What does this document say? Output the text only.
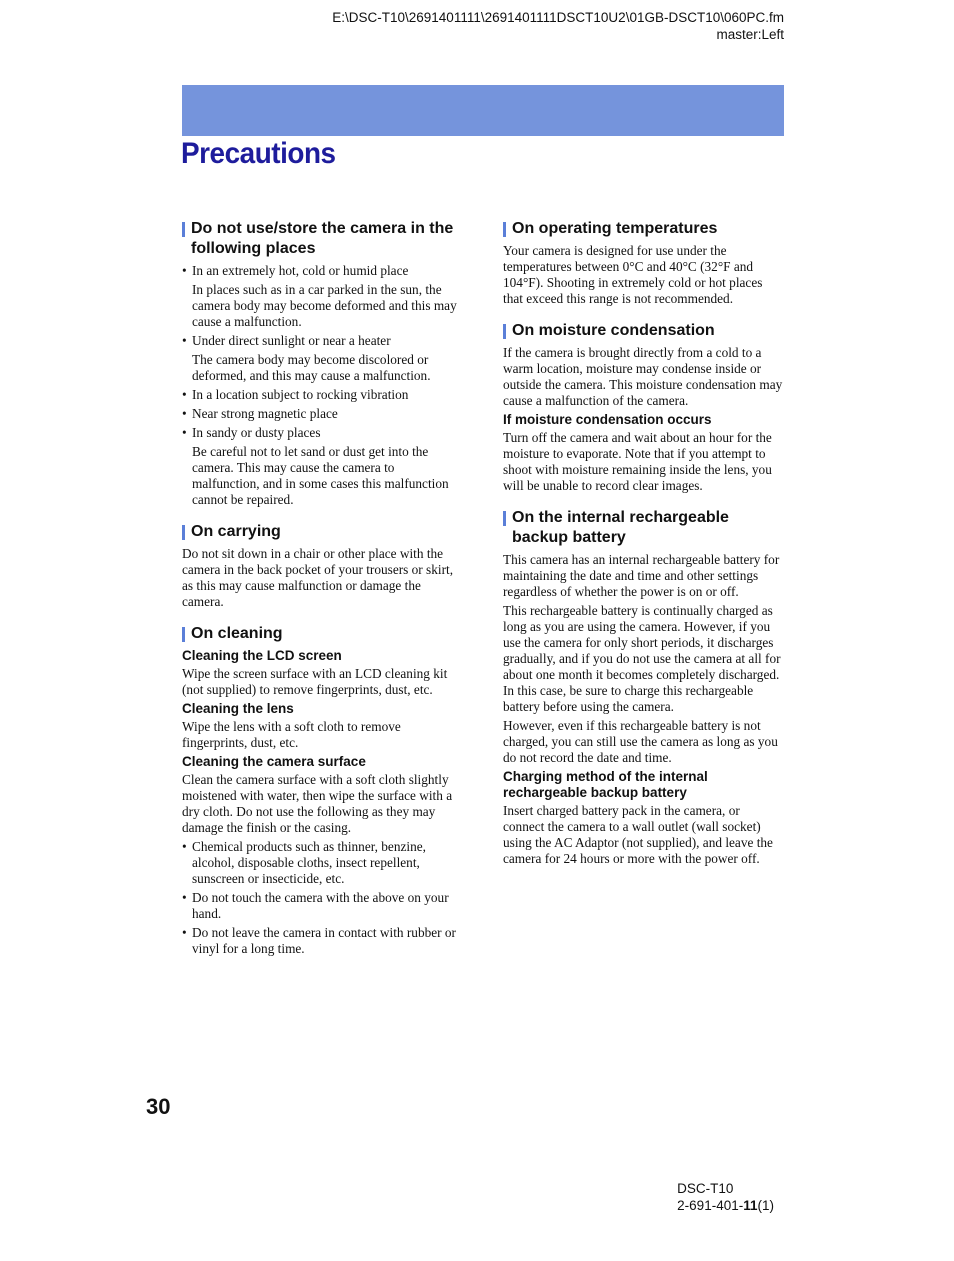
E:\DSC-T10\2691401111\2691401111DSCT10U2\01GB-DSCT10\060PC.fm
master:Left
Precautions
Do not use/store the camera in the following places
• In an extremely hot, cold or humid place

In places such as in a car parked in the sun, the camera body may become deformed and this may cause a malfunction.

• Under direct sunlight or near a heater

The camera body may become discolored or deformed, and this may cause a malfunction.

• In a location subject to rocking vibration
• Near strong magnetic place
• In sandy or dusty places

Be careful not to let sand or dust get into the camera. This may cause the camera to malfunction, and in some cases this malfunction cannot be repaired.

On carrying

Do not sit down in a chair or other place with the camera in the back pocket of your trousers or skirt, as this may cause malfunction or damage the camera.

On cleaning
Cleaning the LCD screen

Wipe the screen surface with an LCD cleaning kit (not supplied) to remove fingerprints, dust, etc.

Cleaning the lens

Wipe the lens with a soft cloth to remove fingerprints, dust, etc.

Cleaning the camera surface

Clean the camera surface with a soft cloth slightly moistened with water, then wipe the surface with a dry cloth. Do not use the following as they may damage the finish or the casing.

• Chemical products such as thinner, benzine, alcohol, disposable cloths, insect repellent, sunscreen or insecticide, etc.
• Do not touch the camera with the above on your hand.
• Do not leave the camera in contact with rubber or vinyl for a long time.
On operating temperatures

Your camera is designed for use under the temperatures between 0°C and 40°C (32°F and 104°F). Shooting in extremely cold or hot places that exceed this range is not recommended.

On moisture condensation

If the camera is brought directly from a cold to a warm location, moisture may condense inside or outside the camera. This moisture condensation may cause a malfunction of the camera.

If moisture condensation occurs

Turn off the camera and wait about an hour for the moisture to evaporate. Note that if you attempt to shoot with moisture remaining inside the lens, you will be unable to record clear images.

On the internal rechargeable backup battery

This camera has an internal rechargeable battery for maintaining the date and time and other settings regardless of whether the power is on or off.

This rechargeable battery is continually charged as long as you are using the camera. However, if you use the camera for only short periods, it discharges gradually, and if you do not use the camera at all for about one month it becomes completely discharged. In this case, be sure to charge this rechargeable battery before using the camera.

However, even if this rechargeable battery is not charged, you can still use the camera as long as you do not record the date and time.

Charging method of the internal rechargeable backup battery

Insert charged battery pack in the camera, or connect the camera to a wall outlet (wall socket) using the AC Adaptor (not supplied), and leave the camera for 24 hours or more with the power off.

30
DSC-T10
2-691-401-11(1)
